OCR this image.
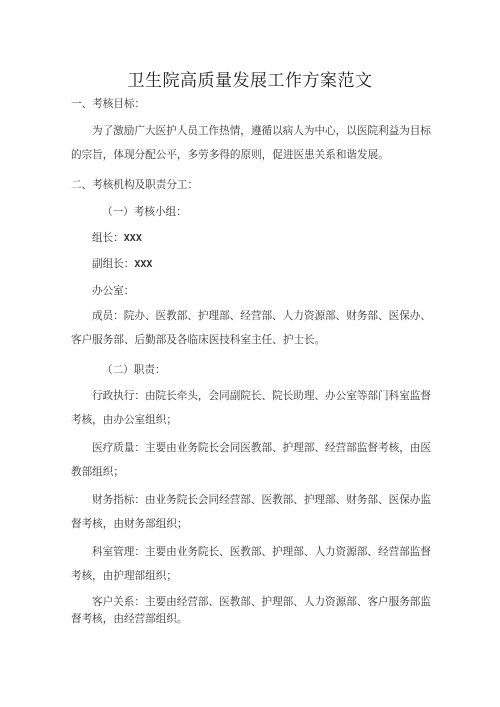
卫生院高质量发展工作方案范文

一、考核目标：

为了激励广大医护人员工作热情，遵循以病人为中心，以医院利益为目标的宗旨，体现分配公平，多劳多得的原则，促进医患关系和谐发展。

二、考核机构及职责分工：

（一）考核小组：

组长：XXX

副组长：XXX

办公室：

成员：院办、医教部、护理部、经营部、人力资源部、财务部、医保办、客户服务部、后勤部及各临床医技科室主任、护士长。

（二）职责：

行政执行：由院长牵头，会同副院长、院长助理、办公室等部门科室监督考核，由办公室组织；

医疗质量：主要由业务院长会同医教部、护理部、经营部监督考核，由医教部组织；

财务指标：由业务院长会同经营部、医教部、护理部、财务部、医保办监督考核，由财务部组织；

科室管理：主要由业务院长、医教部、护理部、人力资源部、经营部监督考核，由护理部组织；

客户关系：主要由经营部、医教部、护理部、人力资源部、客户服务部监督考核，由经营部组织。
